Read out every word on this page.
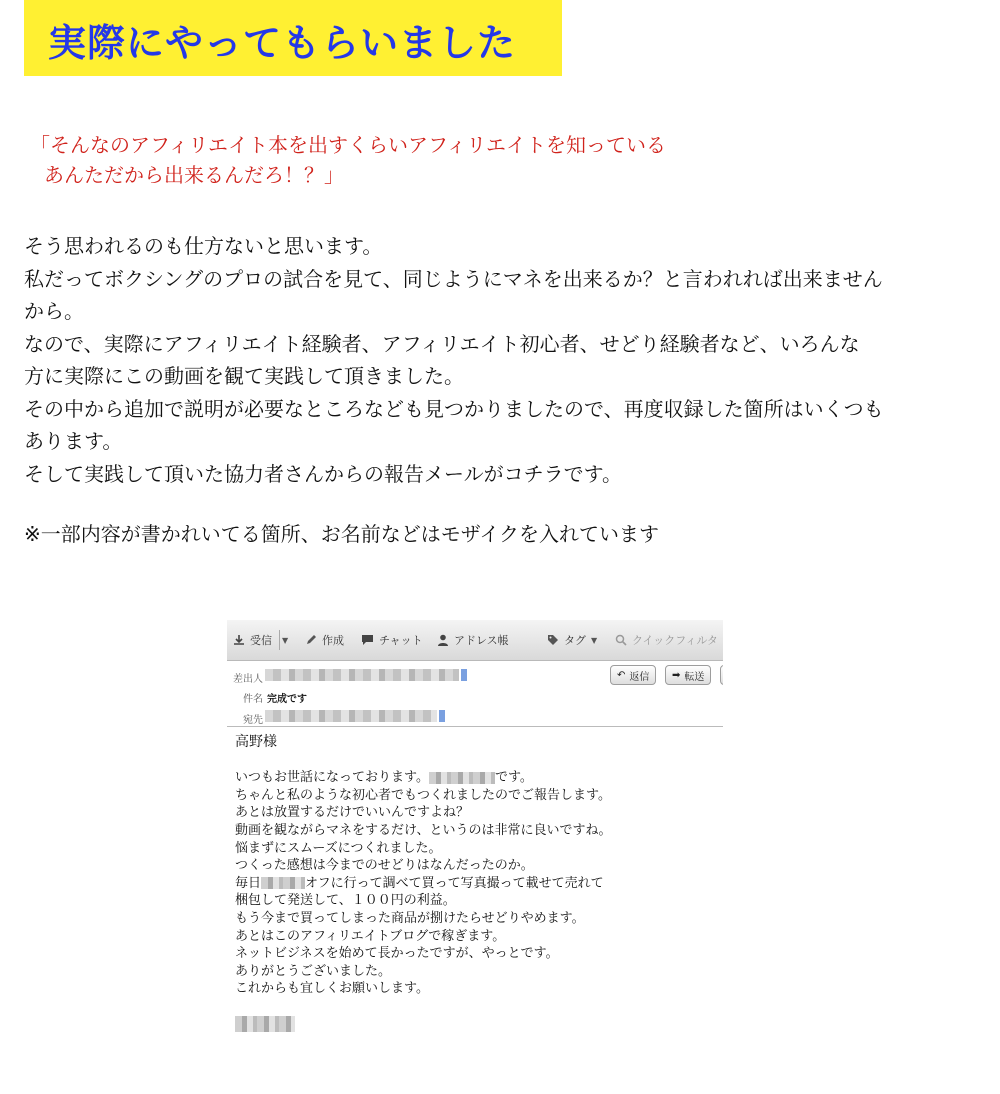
実際にやってもらいました
「そんなのアフィリエイト本を出すくらいアフィリエイトを知っている
あんただから出来るんだろ！？」
そう思われるのも仕方ないと思います。
私だってボクシングのプロの試合を見て、同じようにマネを出来るか？と言われれば出来ません
から。
なので、実際にアフィリエイト経験者、アフィリエイト初心者、せどり経験者など、いろんな
方に実際にこの動画を観て実践して頂きました。
その中から追加で説明が必要なところなども見つかりましたので、再度収録した箇所はいくつも
あります。
そして実践して頂いた協力者さんからの報告メールがコチラです。
※一部内容が書かれいてる箇所、お名前などはモザイクを入れています
受信 ▼	作成	チャット	アドレス帳	タグ ▼	クイックフィルタ
差出人
件名 完成です
宛先
↶ 返信 ➡ 転送
高野様
いつもお世話になっております。	です。
ちゃんと私のような初心者でもつくれましたのでご報告します。
あとは放置するだけでいいんですよね？
動画を観ながらマネをするだけ、というのは非常に良いですね。
悩まずにスムーズにつくれました。
つくった感想は今までのせどりはなんだったのか。
毎日	オフに行って調べて買って写真撮って載せて売れて
梱包して発送して、１００円の利益。
もう今まで買ってしまった商品が捌けたらせどりやめます。
あとはこのアフィリエイトブログで稼ぎます。
ネットビジネスを始めて長かったですが、やっとです。
ありがとうございました。
これからも宜しくお願いします。
